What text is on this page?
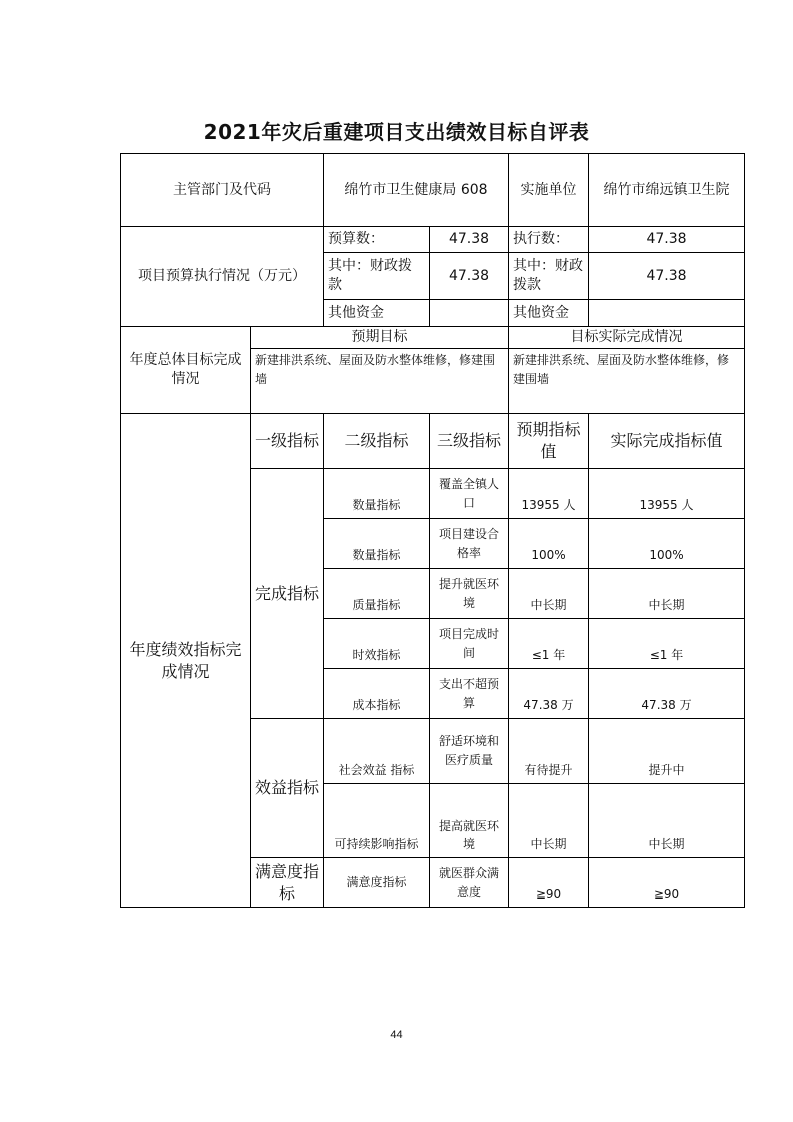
2021年灾后重建项目支出绩效目标自评表
主管部门及代码		绵竹市卫生健康局 608		实施单位	绵竹市绵远镇卫生院
项目预算执行情况（万元）		预算数：	47.38	执行数：	47.38
		其中：财政拨款	47.38	其中：财政拨款	47.38
		其他资金		其他资金	
年度总体目标完成情况	预期目标			目标实际完成情况	
	新建排洪系统、屋面及防水整体维修，修建围墙			新建排洪系统、屋面及防水整体维修，修建围墙	
年度绩效指标完成情况	一级指标	二级指标	三级指标	预期指标值	实际完成指标值
	完成指标	数量指标	覆盖全镇人口	13955 人	13955 人
		数量指标	项目建设合格率	100%	100%
		质量指标	提升就医环境	中长期	中长期
		时效指标	项目完成时间	≤1 年	≤1 年
		成本指标	支出不超预算	47.38 万	47.38 万
	效益指标	社会效益 指标	舒适环境和医疗质量	有待提升	提升中
		可持续影响指标	提高就医环境	中长期	中长期
	满意度指标	满意度指标	就医群众满意度	≧90	≧90
44
